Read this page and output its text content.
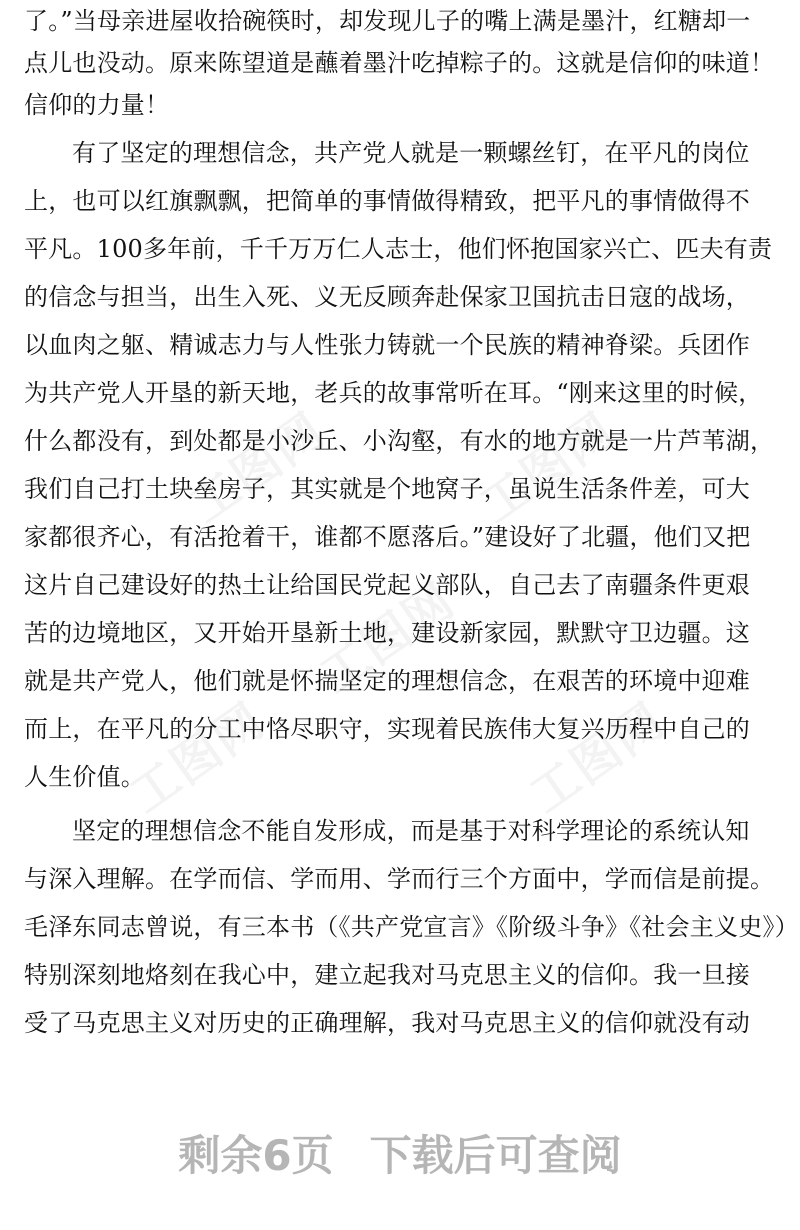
工图网
工图网
工图网
工图网	工图网
了。”当母亲进屋收拾碗筷时，却发现儿子的嘴上满是墨汁，红糖却一
点儿也没动。原来陈望道是蘸着墨汁吃掉粽子的。这就是信仰的味道！
信仰的力量！
有了坚定的理想信念，共产党人就是一颗螺丝钉，在平凡的岗位
上，也可以红旗飘飘，把简单的事情做得精致，把平凡的事情做得不
平凡。100多年前，千千万万仁人志士，他们怀抱国家兴亡、匹夫有责
的信念与担当，出生入死、义无反顾奔赴保家卫国抗击日寇的战场，
以血肉之躯、精诚志力与人性张力铸就一个民族的精神脊梁。兵团作
为共产党人开垦的新天地，老兵的故事常听在耳。“刚来这里的时候，
什么都没有，到处都是小沙丘、小沟壑，有水的地方就是一片芦苇湖，
我们自己打土块垒房子，其实就是个地窝子，虽说生活条件差，可大
家都很齐心，有活抢着干，谁都不愿落后。”建设好了北疆，他们又把
这片自己建设好的热土让给国民党起义部队，自己去了南疆条件更艰
苦的边境地区，又开始开垦新土地，建设新家园，默默守卫边疆。这
就是共产党人，他们就是怀揣坚定的理想信念，在艰苦的环境中迎难
而上，在平凡的分工中恪尽职守，实现着民族伟大复兴历程中自己的
人生价值。
坚定的理想信念不能自发形成，而是基于对科学理论的系统认知
与深入理解。在学而信、学而用、学而行三个方面中，学而信是前提。
毛泽东同志曾说，有三本书（《共产党宣言》《阶级斗争》《社会主义史》）
特别深刻地烙刻在我心中，建立起我对马克思主义的信仰。我一旦接
受了马克思主义对历史的正确理解，我对马克思主义的信仰就没有动
剩余6页 下载后可查阅
